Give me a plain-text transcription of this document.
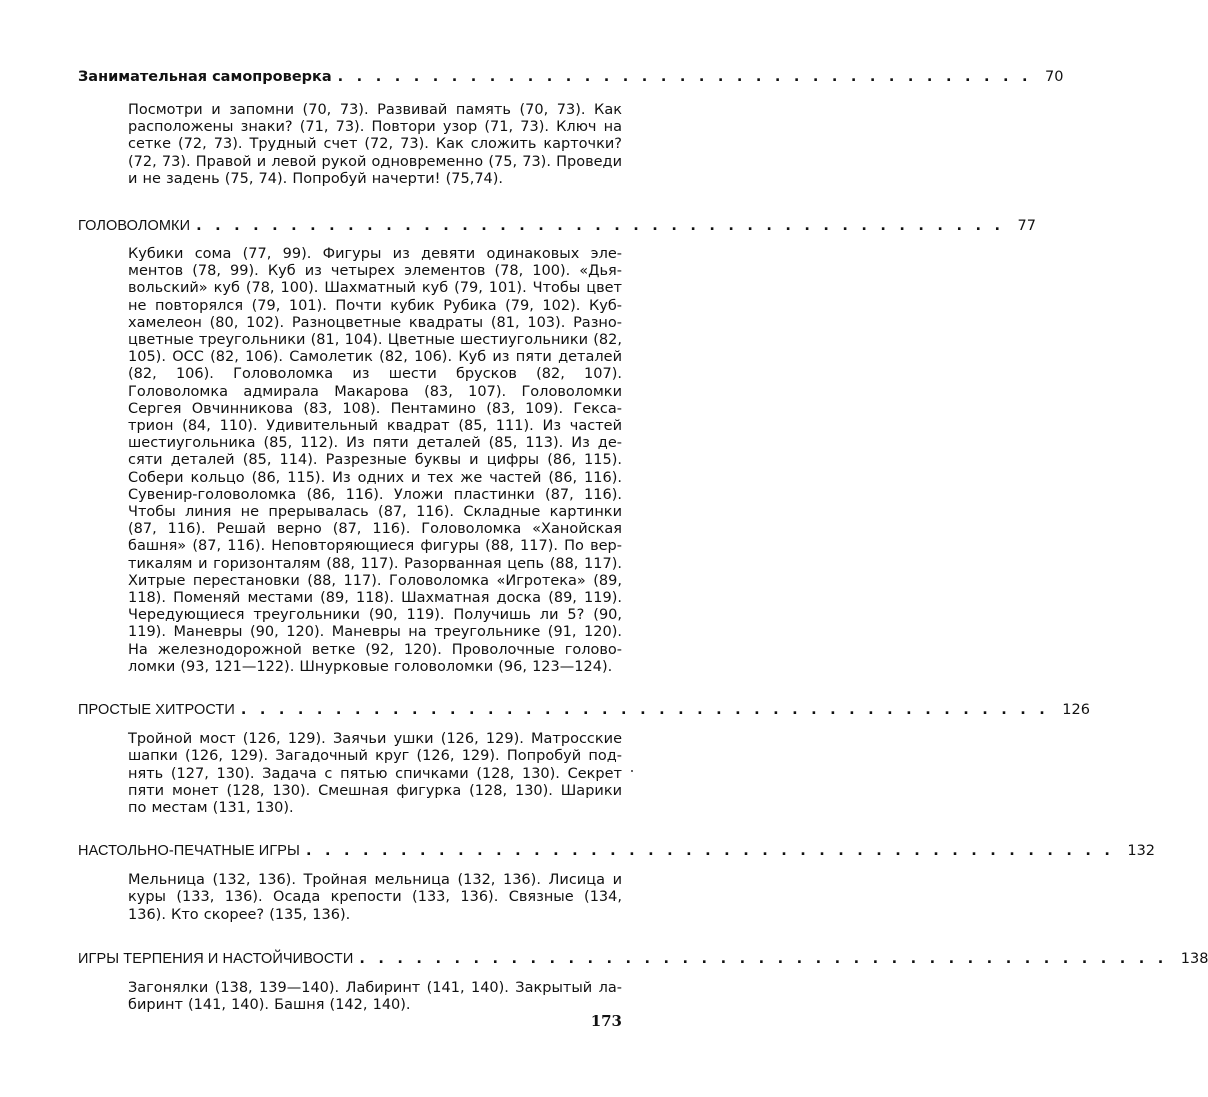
Занимательная самопроверка ..................................... 70

Посмотри и запомни (70, 73). Развивай память (70, 73). Как расположены знаки? (71, 73). Повтори узор (71, 73). Ключ на сетке (72, 73). Трудный счет (72, 73). Как сложить карточки? (72, 73). Правой и левой рукой одновременно (75, 73). Проведи и не задень (75, 74). Попробуй начерти! (75,74).

ГОЛОВОЛОМКИ ........................................... 77

Кубики сома (77, 99). Фигуры из девяти одинаковых элементов (78, 99). Куб из четырех элементов (78, 100). «Дьявольский» куб (78, 100). Шахматный куб (79, 101). Чтобы цвет не повторялся (79, 101). Почти кубик Рубика (79, 102). Куб-хамелеон (80, 102). Разноцветные квадраты (81, 103). Разноцветные треугольники (81, 104). Цветные шестиугольники (82, 105). ОСС (82, 106). Самолетик (82, 106). Куб из пяти деталей (82, 106). Головоломка из шести брусков (82, 107). Головоломка адмирала Макарова (83, 107). Головоломки Сергея Овчинникова (83, 108). Пентамино (83, 109). Гексатрион (84, 110). Удивительный квадрат (85, 111). Из частей шестиугольника (85, 112). Из пяти деталей (85, 113). Из десяти деталей (85, 114). Разрезные буквы и цифры (86, 115). Собери кольцо (86, 115). Из одних и тех же частей (86, 116). Сувенир-головоломка (86, 116). Уложи пластинки (87, 116). Чтобы линия не прерывалась (87, 116). Складные картинки (87, 116). Решай верно (87, 116). Головоломка «Ханойская башня» (87, 116). Неповторяющиеся фигуры (88, 117). По вертикалям и горизонталям (88, 117). Разорванная цепь (88, 117). Хитрые перестановки (88, 117). Головоломка «Игротека» (89, 118). Поменяй местами (89, 118). Шахматная доска (89, 119). Чередующиеся треугольники (90, 119). Получишь ли 5? (90, 119). Маневры (90, 120). Маневры на треугольнике (91, 120). На железнодорожной ветке (92, 120). Проволочные головоломки (93, 121—122). Шнурковые головоломки (96, 123—124).

ПРОСТЫЕ ХИТРОСТИ ........................................... 126

Тройной мост (126, 129). Заячьи ушки (126, 129). Матросские шапки (126, 129). Загадочный круг (126, 129). Попробуй поднять (127, 130). Задача с пятью спичками (128, 130). Секрет пяти монет (128, 130). Смешная фигурка (128, 130). Шарики по местам (131, 130).

НАСТОЛЬНО-ПЕЧАТНЫЕ ИГРЫ ........................................... 132

Мельница (132, 136). Тройная мельница (132, 136). Лисица и куры (133, 136). Осада крепости (133, 136). Связные (134, 136). Кто скорее? (135, 136).

ИГРЫ ТЕРПЕНИЯ И НАСТОЙЧИВОСТИ ........................................... 138

Загонялки (138, 139—140). Лабиринт (141, 140). Закрытый лабиринт (141, 140). Башня (142, 140).

173
